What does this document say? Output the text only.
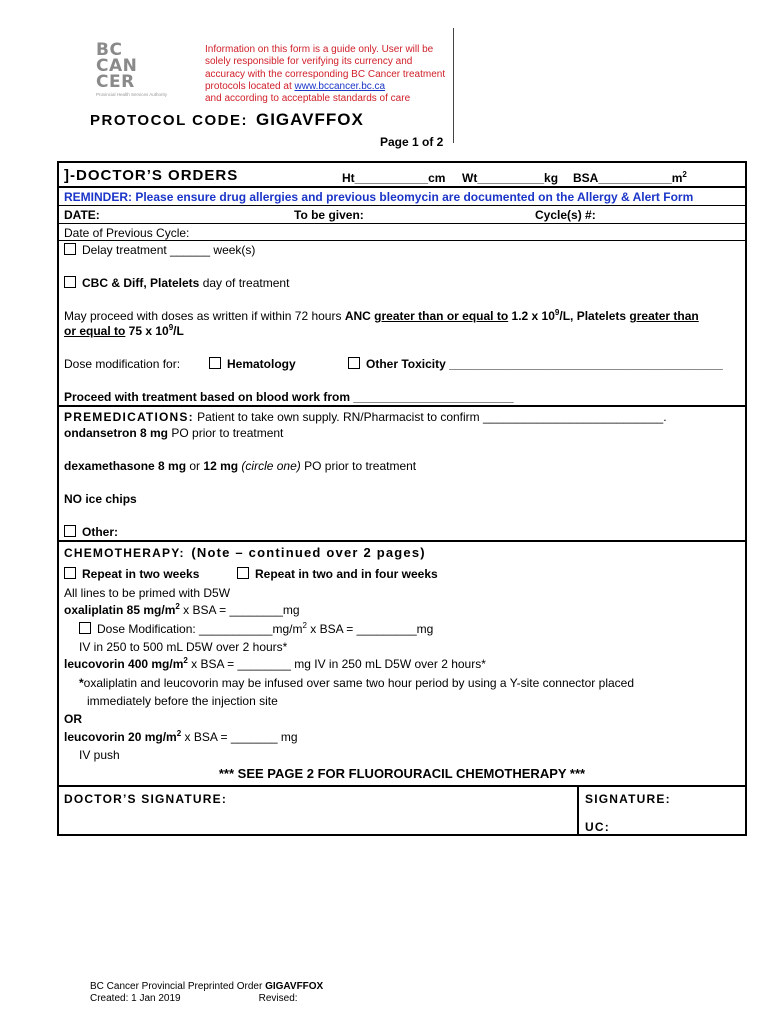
BC
CAN
CER
Provincial Health Services Authority
Information on this form is a guide only. User will be solely responsible for verifying its currency and accuracy with the corresponding BC Cancer treatment protocols located at www.bccancer.bc.ca
and according to acceptable standards of care
PROTOCOL CODE: GIGAVFFOX
Page 1 of 2
]-DOCTOR’S ORDERS	Ht___________cm Wt__________kg $BSA\_\_\_\_\_\_\_\_\_\_\_m^2$
REMINDER: Please ensure drug allergies and previous bleomycin are documented on the Allergy & Alert Form
DATE:	To be given:	Cycle(s) #:
Date of Previous Cycle:
Delay treatment ______ week(s)
CBC & Diff, Platelets day of treatment
May proceed with doses as written if within 72 hours ANC greater than or equal to 1.2 x $10^9/L$, Platelets greater than
or equal to 75 x $10^9/L$
Dose modification for:	Hematology	Other Toxicity _________________________________________
Proceed with treatment based on blood work from ________________________
PREMEDICATIONS: Patient to take own supply. RN/Pharmacist to confirm ___________________________.
ondansetron 8 mg PO prior to treatment
dexamethasone 8 mg or 12 mg (circle one) PO prior to treatment
NO ice chips
Other:
CHEMOTHERAPY: (Note – continued over 2 pages)
Repeat in two weeks	Repeat in two and in four weeks
All lines to be primed with D5W
oxaliplatin 85 $mg/m^2$ x BSA = ________mg
Dose Modification: $\_\_\_\_\_\_\_\_\_\_\_mg/m^2$ x BSA = _________mg
IV in 250 to 500 mL D5W over 2 hours*
leucovorin 400 $mg/m^2$ x BSA = ________ mg IV in 250 mL D5W over 2 hours*
*oxaliplatin and leucovorin may be infused over same two hour period by using a Y-site connector placed
immediately before the injection site
OR
leucovorin 20 $mg/m^2$ x BSA = _______ mg
IV push
*** SEE PAGE 2 FOR FLUOROURACIL CHEMOTHERAPY ***
DOCTOR’S SIGNATURE:	SIGNATURE:
UC:
BC Cancer Provincial Preprinted Order GIGAVFFOX
Created: 1 Jan 2019	Revised:
